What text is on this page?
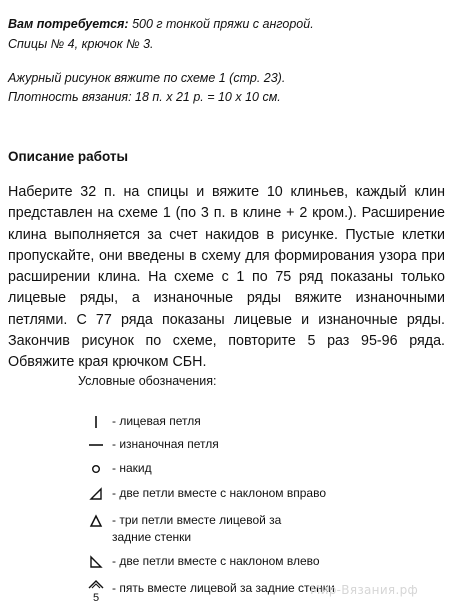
Вам потребуется: 500 г тонкой пряжи с ангорой.
Спицы № 4, крючок № 3.
Ажурный рисунок вяжите по схеме 1 (стр. 23).
Плотность вязания: 18 п. х 21 р. = 10 х 10 см.
Описание работы
Наберите 32 п. на спицы и вяжите 10 клиньев, каждый клин представлен на схеме 1 (по 3 п. в клине + 2 кром.). Расширение клина выполняется за счет накидов в рисунке. Пустые клетки пропускайте, они введены в схему для формирования узора при расширении клина. На схеме с 1 по 75 ряд показаны только лицевые ряды, а изнаночные ряды вяжите изнаночными петлями. С 77 ряда показаны лицевые и изнаночные ряды. Закончив рисунок по схеме, повторите 5 раз 95-96 ряда. Обвяжите края крючком СБН.
Условные обозначения:
- лицевая петля
- изнаночная петля
- накид
- две петли вместе с наклоном вправо
- три петли вместе лицевой за задние стенки
- две петли вместе с наклоном влево
5
- пять вместе лицевой за задние стенки
Мир-Вязания.рф
